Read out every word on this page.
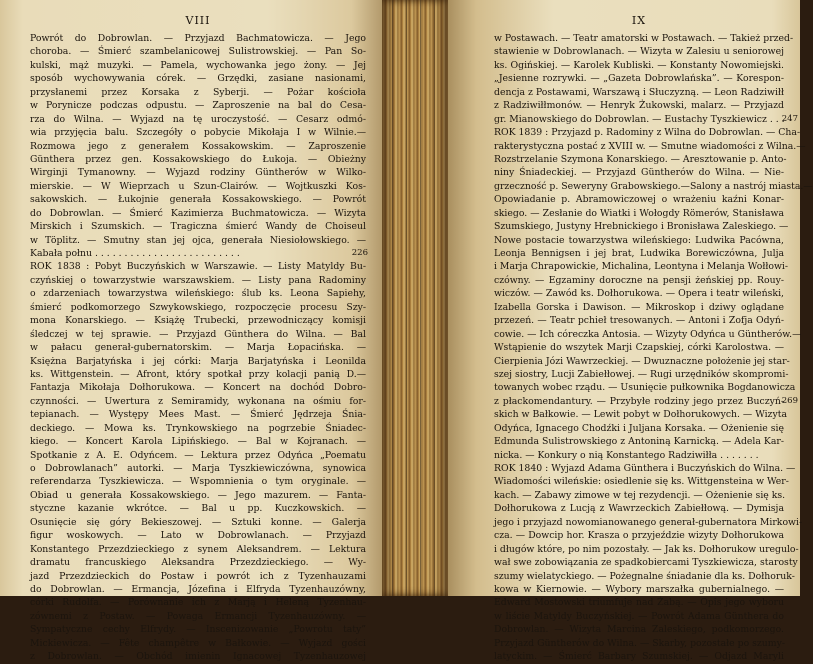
VIII
Powrót do Dobrowlan. — Przyjazd Bachmatowicza. — Jego
choroba. — Śmierć szambelanicowej Sulistrowskiej. — Pan So-
kulski, mąż muzyki. — Pamela, wychowanka jego żony. — Jej
sposób wychowywania córek. — Grzędki, zasiane nasionami,
przysłanemi przez Korsaka z Syberji. — Pożar kościoła
w Porynicze podczas odpustu. — Zaproszenie na bal do Cesa-
rza do Wilna. — Wyjazd na tę uroczystość. — Cesarz odmó-
wia przyjęcia balu. Szczegóły o pobycie Mikołaja I w Wilnie.—
Rozmowa jego z generałem Kossakowskim. — Zaproszenie
Günthera przez gen. Kossakowskiego do Łukoja. — Obieżny
Wirginji Tymanowny. — Wyjazd rodziny Güntherów w Wilko-
mierskie. — W Wieprzach u Szun-Clairów. — Wojtkuszki Kos-
sakowskich. — Łukojnie generała Kossakowskiego. — Powrót
do Dobrowlan. — Śmierć Kazimierza Buchmatowicza. — Wizyta
Mirskich i Szumskich. — Tragiczna śmierć Wandy de Choiseul
w Töplitz. — Smutny stan jej ojca, generała Niesiołowskiego. —
Kabała połnu . . . . . . . . . . . . . . . . . . . . . . . . .	226
ROK 1838 : Pobyt Buczyńskich w Warszawie. — Listy Matyldy Bu-
czyńskiej o towarzystwie warszawskiem. — Listy pana Radominy
o zdarzeniach towarzystwa wileńskiego: ślub ks. Leona Sapiehy,
śmierć podkomorzego Szwykowskiego, rozpoczęcie procesu Szy-
mona Konarskiego. — Książę Trubecki, przewodniczący komisji
śledczej w tej sprawie. — Przyjazd Günthera do Wilna. — Bal
w pałacu generał-gubernatorskim. — Marja Łopacińska. —
Księżna Barjatyńska i jej córki: Marja Barjatyńska i Leonilda
ks. Wittgenstein. — Afront, który spotkał przy kolacji panią D.—
Fantazja Mikołaja Dołhorukowa. — Koncert na dochód Dobro-
czynności. — Uwertura z Semiramidy, wykonana na ośmiu for-
tepianach. — Występy Mees Mast. — Śmierć Jędrzeja Śnia-
deckiego. — Mowa ks. Trynkowskiego na pogrzebie Śniadec-
kiego. — Koncert Karola Lipińskiego. — Bal w Kojranach. —
Spotkanie z A. E. Odyńcem. — Lektura przez Odyńca „Poematu
o Dobrowlanach” autorki. — Marja Tyszkiewiczówna, synowica
referendarza Tyszkiewicza. — Wspomnienia o tym oryginale. —
Obiad u generała Kossakowskiego. — Jego mazurem. — Fanta-
styczne kazanie wkrótce. — Bal u pp. Kuczkowskich. —
Osunięcie się góry Bekieszowej. — Sztuki konne. — Galerja
figur woskowych. — Lato w Dobrowlanach. — Przyjazd
Konstantego Przezdzieckiego z synem Aleksandrem. — Lektura
dramatu francuskiego Aleksandra Przezdzieckiego. — Wy-
jazd Przezdzieckich do Postaw i powrót ich z Tyzenhauzami
do Dobrowlan. — Ermancja, Józefina i Elfryda Tyzenhauzówny,
córki Rudolfa. — Porównanie ich z Marją i Heleną Tyzenhau-
zównemi z Postaw. — Powaga Ermancji Tyzenhauzówny. —
Sympatyczne cechy Elfrydy. — Inscenizowanie „Powrotu taty”
Mickiewicza. — Fête champêtre w Bałkowie. — Wyjazd gości
z Dobrowlan. — Obchód imienin Ignacowej Tyzenhauzowej
IX
w Postawach. — Teatr amatorski w Postawach. — Takież przed-
stawienie w Dobrowlanach. — Wizyta w Zalesiu u seniorowej
ks. Ogińskiej. — Karolek Kubliski. — Konstanty Nowomiejski.
„Jesienne rozrywki. — „Gazeta Dobrowlańska”. — Korespon-
dencja z Postawami, Warszawą i Słuczyzną. — Leon Radziwiłł
z Radziwiłłmonów. — Henryk Żukowski, malarz. — Przyjazd
gr. Mianowskiego do Dobrowlan. — Eustachy Tyszkiewicz . . .
247
ROK 1839 : Przyjazd p. Radominy z Wilna do Dobrowlan. — Cha-
rakterystyczna postać z XVIII w. — Smutne wiadomości z Wilna.—
Rozstrzelanie Szymona Konarskiego. — Aresztowanie p. Anto-
niny Śniadeckiej. — Przyjazd Güntherów do Wilna. — Nie-
grzeczność p. Seweryny Grabowskiego.—Salony a nastrój miasta.—
Opowiadanie p. Abramowiczowej o wrażeniu kaźni Konar-
skiego. — Zesłanie do Wiatki i Wołogdy Römerów, Stanisława
Szumskiego, Justyny Hrebnickiego i Bronisława Zaleskiego. —
Nowe postacie towarzystwa wileńskiego: Ludwika Pacówna,
Leonja Bennigsen i jej brat, Ludwika Borewiczówna, Julja
i Marja Chrapowickie, Michalina, Leontyna i Melanja Wołłowi-
czówny. — Egzaminy doroczne na pensji żeńskiej pp. Rouy-
wiczów. — Zawód ks. Dołhorukowa. — Opera i teatr wileński,
Izabella Gorska i Dawison. — Mikroskop i dziwy oglądane
przezeń. — Teatr pchieł tresowanych. — Antoni i Zofja Odyń-
cowie. — Ich córeczka Antosia. — Wizyty Odyńca u Güntherów.—
Wstąpienie do wszytek Marji Czapskiej, córki Karolostwa. —
Cierpienia Józi Wawrzeckiej. — Dwuznaczne położenie jej star-
szej siostry, Lucji Zabiełłowej. — Rugi urzędników skompromi-
towanych wobec rządu. — Usunięcie pułkownika Bogdanowicza
z płackomendantury. — Przybyłe rodziny jego przez Buczyń-
269
skich w Bałkowie. — Lewit pobyt w Dołhorukowych. — Wizyta
Odyńca, Ignacego Chodźki i Juljana Korsaka. — Ożenienie się
Edmunda Sulistrowskiego z Antoniną Karnicką. — Adela Kar-
nicka. — Konkury o nią Konstantego Radziwiłła . . . . . . .
ROK 1840 : Wyjazd Adama Günthera i Buczyńskich do Wilna. —
Wiadomości wileńskie: osiedlenie się ks. Wittgensteina w Wer-
kach. — Zabawy zimowe w tej rezydencji. — Ożenienie się ks.
Dołhorukowa z Lucją z Wawrzeckich Zabiełłową. — Dymisja
jego i przyjazd nowomianowanego generał-gubernatora Mirkowi-
cza. — Dowcip hor. Krasza o przyjeździe wizyty Dołhorukowa
i długów które, po nim pozostały. — Jak ks. Dołhorukow uregulo-
wał swe zobowiązania ze spadkobiercami Tyszkiewicza, starosty
szumy wielatyckiego. — Pożegnalne śniadanie dla ks. Dołhoruk-
kowa w Kiernowie. — Wybory marszałka gubernialnego. —
Edward Mostowski triumfuje nad Żabą. — Opis jego wyboru
w liście Matyldy Buczyńskiej. — Powrót Adama Günthera do
Dobrowlan. — Wizyta Marcina Zaleskiego, podkomorzego.
Przyjazd Güntherów do Wilna. — Skarby, pozostałe po szumy-
latyckim. — Śmierć Barbary Szumskiej. — Odjazd Maryli
